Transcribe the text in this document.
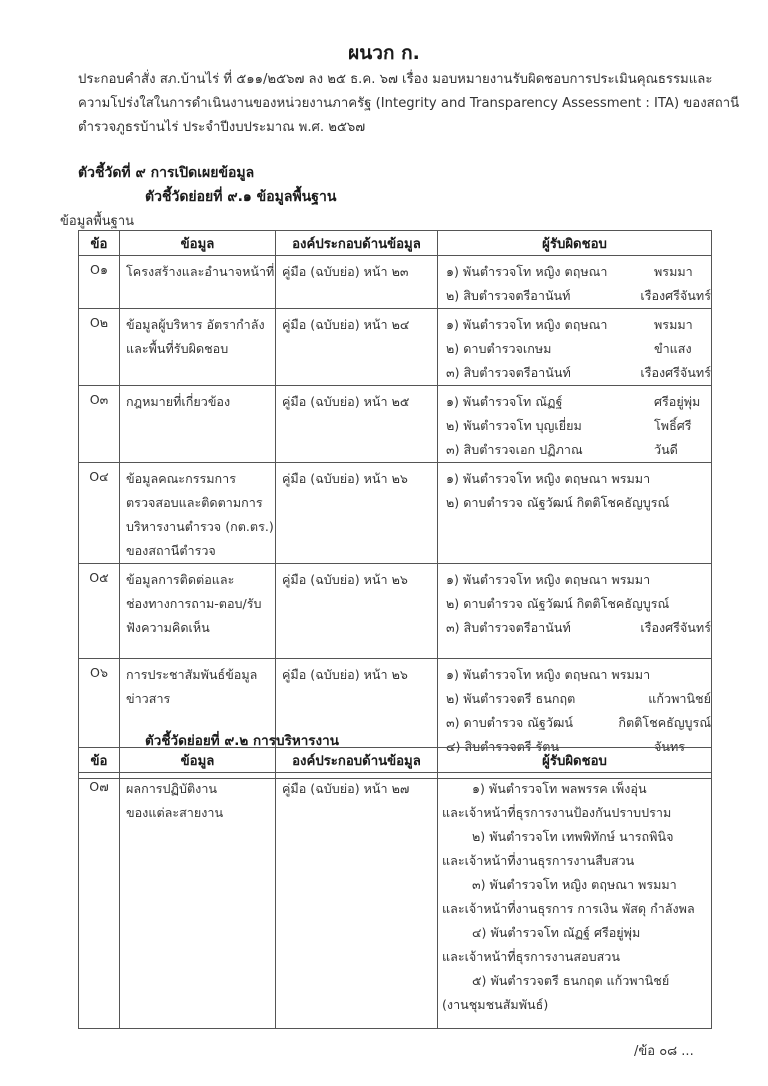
ผนวก ก.
ประกอบคำสั่ง สภ.บ้านไร่ ที่ ๕๑๑/๒๕๖๗ ลง ๒๕ ธ.ค. ๖๗ เรื่อง มอบหมายงานรับผิดชอบการประเมินคุณธรรมและ
ความโปร่งใสในการดำเนินงานของหน่วยงานภาครัฐ (Integrity and Transparency Assessment : ITA) ของสถานี
ตำรวจภูธรบ้านไร่ ประจำปีงบประมาณ พ.ศ. ๒๕๖๗
ตัวชี้วัดที่ ๙ การเปิดเผยข้อมูล
ตัวชี้วัดย่อยที่ ๙.๑ ข้อมูลพื้นฐาน
ข้อมูลพื้นฐาน
ข้อ	ข้อมูล	องค์ประกอบด้านข้อมูล	ผู้รับผิดชอบ
O๑	โครงสร้างและอำนาจหน้าที่	คู่มือ (ฉบับย่อ) หน้า ๒๓	๑) พันตำรวจโท หญิง ตฤษณา พรมมา
๒) สิบตำรวจตรีอานันท์ เรืองศรีจันทร์

O๒	ข้อมูลผู้บริหาร อัตรากำลัง
และพื้นที่รับผิดชอบ
	คู่มือ (ฉบับย่อ) หน้า ๒๔	๑) พันตำรวจโท หญิง ตฤษณา	พรมมา
๒) ดาบตำรวจเกษม	ขำแสง
๓) สิบตำรวจตรีอานันท์	เรืองศรีจันทร์

O๓	กฎหมายที่เกี่ยวข้อง	คู่มือ (ฉบับย่อ) หน้า ๒๕	๑) พันตำรวจโท ณัฏฐ์	ศรีอยู่พุ่ม
๒) พันตำรวจโท บุญเยี่ยม	โพธิ์ศรี
๓) สิบตำรวจเอก ปฏิภาณ	วันดี

O๔	ข้อมูลคณะกรรมการ
ตรวจสอบและติดตามการ
บริหารงานตำรวจ (กต.ตร.)
ของสถานีตำรวจ
	คู่มือ (ฉบับย่อ) หน้า ๒๖	๑) พันตำรวจโท หญิง ตฤษณา พรมมา
๒) ดาบตำรวจ ณัฐวัฒน์ กิตติโชคธัญบูรณ์

O๕	ข้อมูลการติดต่อและ
ช่องทางการถาม-ตอบ/รับ
ฟังความคิดเห็น
	คู่มือ (ฉบับย่อ) หน้า ๒๖	๑) พันตำรวจโท หญิง ตฤษณา พรมมา
๒) ดาบตำรวจ ณัฐวัฒน์ กิตติโชคธัญบูรณ์
๓) สิบตำรวจตรีอานันท์	เรืองศรีจันทร์

O๖	การประชาสัมพันธ์ข้อมูล
ข่าวสาร
	คู่มือ (ฉบับย่อ) หน้า ๒๖	๑) พันตำรวจโท หญิง ตฤษณา พรมมา
๒) พันตำรวจตรี ธนกฤต	แก้วพานิชย์
๓) ดาบตำรวจ ณัฐวัฒน์	กิตติโชคธัญบูรณ์
๔) สิบตำรวจตรี รัตน	จันทร
ตัวชี้วัดย่อยที่ ๙.๒ การบริหารงาน
ข้อ	ข้อมูล	องค์ประกอบด้านข้อมูล	ผู้รับผิดชอบ
O๗	ผลการปฏิบัติงาน
ของแต่ละสายงาน
	คู่มือ (ฉบับย่อ) หน้า ๒๗	๑) พันตำรวจโท พลพรรค เพ็งอุ่น
และเจ้าหน้าที่ธุรการงานป้องกันปราบปราม
๒) พันตำรวจโท เทพพิทักษ์ นารถพินิจ
และเจ้าหน้าที่งานธุรการงานสืบสวน
๓) พันตำรวจโท หญิง ตฤษณา พรมมา
และเจ้าหน้าที่งานธุรการ การเงิน พัสดุ กำลังพล
๔) พันตำรวจโท ณัฏฐ์ ศรีอยู่พุ่ม
และเจ้าหน้าที่ธุรการงานสอบสวน
๕) พันตำรวจตรี ธนกฤต แก้วพานิชย์
(งานชุมชนสัมพันธ์)
/ข้อ ๐๘ ...
